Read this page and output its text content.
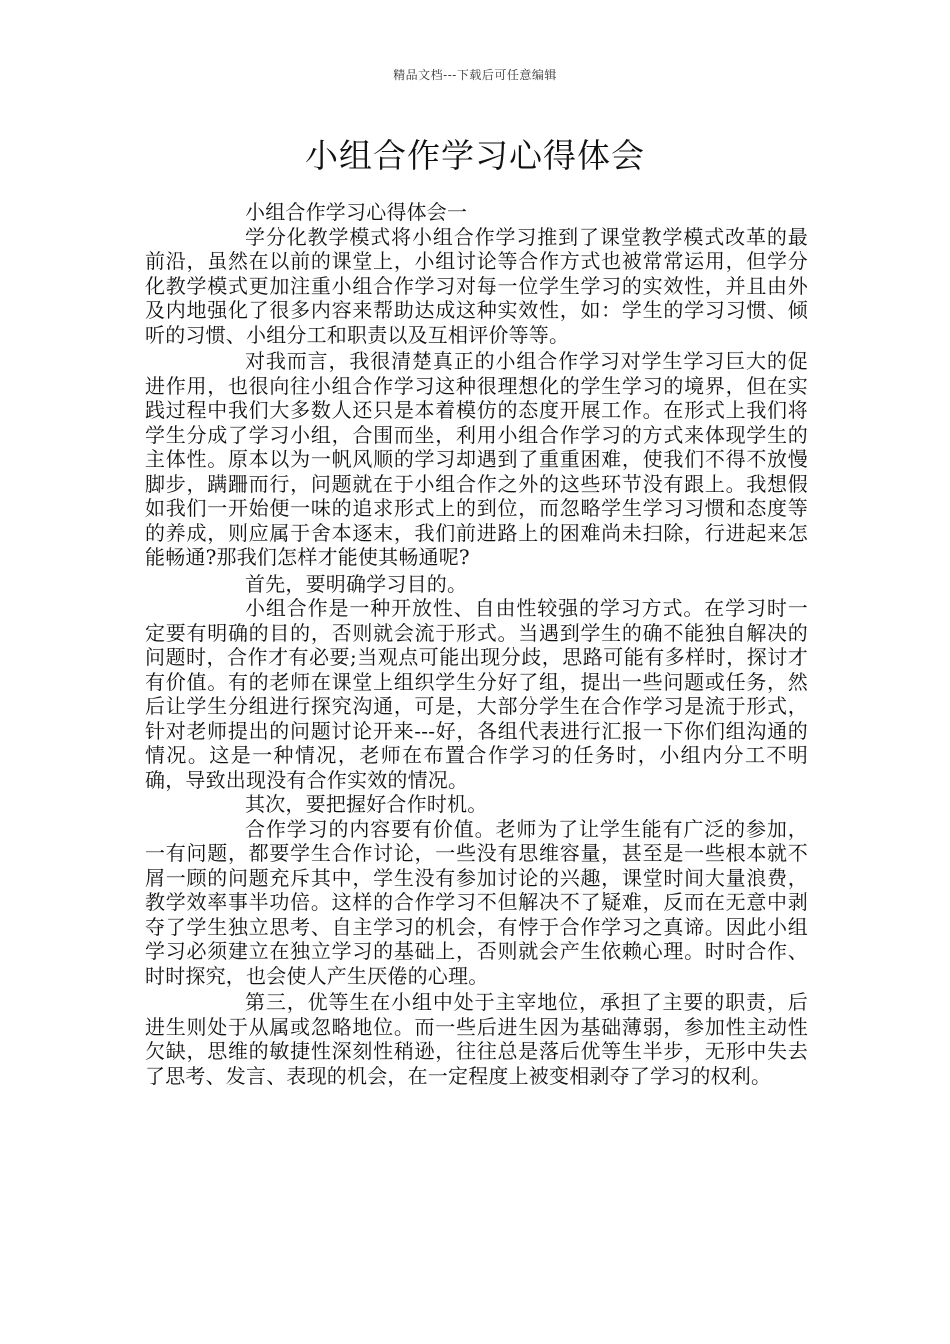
精品文档---下载后可任意编辑
小组合作学习心得体会

小组合作学习心得体会一

学分化教学模式将小组合作学习推到了课堂教学模式改革的最前沿，虽然在以前的课堂上，小组讨论等合作方式也被常常运用，但学分化教学模式更加注重小组合作学习对每一位学生学习的实效性，并且由外及内地强化了很多内容来帮助达成这种实效性，如：学生的学习习惯、倾听的习惯、小组分工和职责以及互相评价等等。

对我而言，我很清楚真正的小组合作学习对学生学习巨大的促进作用，也很向往小组合作学习这种很理想化的学生学习的境界，但在实践过程中我们大多数人还只是本着模仿的态度开展工作。在形式上我们将学生分成了学习小组，合围而坐，利用小组合作学习的方式来体现学生的主体性。原本以为一帆风顺的学习却遇到了重重困难，使我们不得不放慢脚步，蹒跚而行，问题就在于小组合作之外的这些环节没有跟上。我想假如我们一开始便一味的追求形式上的到位，而忽略学生学习习惯和态度等的养成，则应属于舍本逐末，我们前进路上的困难尚未扫除，行进起来怎能畅通?那我们怎样才能使其畅通呢?

首先，要明确学习目的。

小组合作是一种开放性、自由性较强的学习方式。在学习时一定要有明确的目的，否则就会流于形式。当遇到学生的确不能独自解决的问题时，合作才有必要;当观点可能出现分歧，思路可能有多样时，探讨才有价值。有的老师在课堂上组织学生分好了组，提出一些问题或任务，然后让学生分组进行探究沟通，可是，大部分学生在合作学习是流于形式，针对老师提出的问题讨论开来---好，各组代表进行汇报一下你们组沟通的情况。这是一种情况，老师在布置合作学习的任务时，小组内分工不明确，导致出现没有合作实效的情况。

其次，要把握好合作时机。

合作学习的内容要有价值。老师为了让学生能有广泛的参加，一有问题，都要学生合作讨论，一些没有思维容量，甚至是一些根本就不屑一顾的问题充斥其中，学生没有参加讨论的兴趣，课堂时间大量浪费，教学效率事半功倍。这样的合作学习不但解决不了疑难，反而在无意中剥夺了学生独立思考、自主学习的机会，有悖于合作学习之真谛。因此小组学习必须建立在独立学习的基础上，否则就会产生依赖心理。时时合作、时时探究，也会使人产生厌倦的心理。

第三，优等生在小组中处于主宰地位，承担了主要的职责，后进生则处于从属或忽略地位。而一些后进生因为基础薄弱，参加性主动性欠缺，思维的敏捷性深刻性稍逊，往往总是落后优等生半步，无形中失去了思考、发言、表现的机会，在一定程度上被变相剥夺了学习的权利。
